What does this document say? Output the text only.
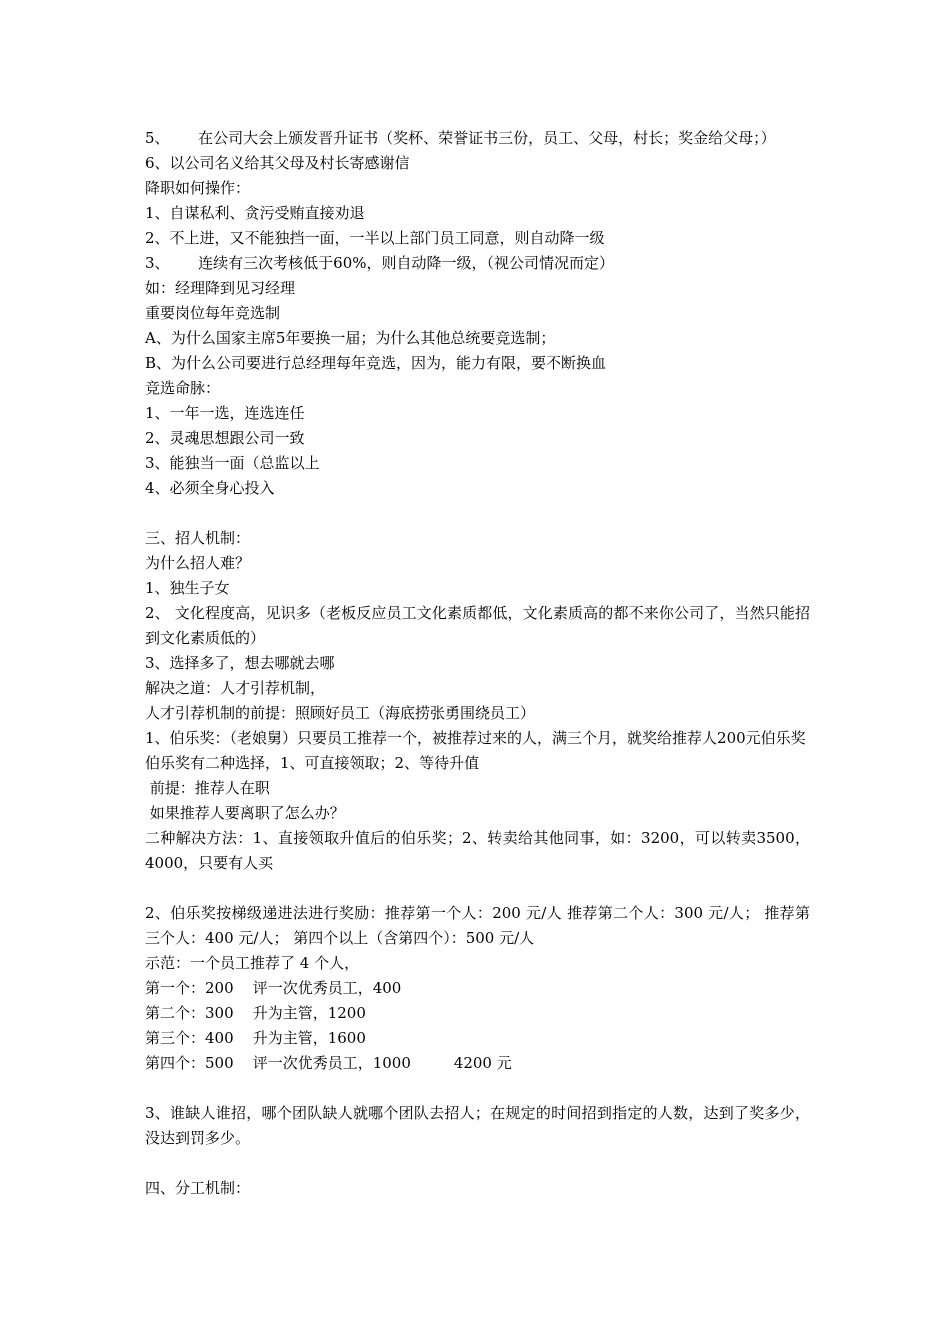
5、      在公司大会上颁发晋升证书（奖杯、荣誉证书三份，员工、父母，村长；奖金给父母；）
6、以公司名义给其父母及村长寄感谢信
降职如何操作：
1、自谋私利、贪污受贿直接劝退
2、不上进，又不能独挡一面，一半以上部门员工同意，则自动降一级
3、      连续有三次考核低于60%，则自动降一级，（视公司情况而定）
如：经理降到见习经理
重要岗位每年竞选制
A、为什么国家主席5年要换一届；为什么其他总统要竞选制；
B、为什么公司要进行总经理每年竞选，因为，能力有限，要不断换血
竞选命脉：
1、一年一选，连选连任
2、灵魂思想跟公司一致
3、能独当一面（总监以上
4、必须全身心投入
三、招人机制：
为什么招人难？
1、独生子女
2、 文化程度高，见识多（老板反应员工文化素质都低，文化素质高的都不来你公司了，当然只能招到文化素质低的）
3、选择多了，想去哪就去哪
解决之道：人才引荐机制，
人才引荐机制的前提：照顾好员工（海底捞张勇围绕员工）
1、伯乐奖：（老娘舅）只要员工推荐一个，被推荐过来的人，满三个月，就奖给推荐人200元伯乐奖
伯乐奖有二种选择，1、可直接领取；2、等待升值
前提：推荐人在职
如果推荐人要离职了怎么办？
二种解决方法：1、直接领取升值后的伯乐奖；2、转卖给其他同事，如：3200，可以转卖3500，4000，只要有人买
2、伯乐奖按梯级递进法进行奖励：推荐第一个人：200 元/人 推荐第二个人：300 元/人； 推荐第三个人：400 元/人； 第四个以上（含第四个）：500 元/人
示范：一个员工推荐了 4 个人，
第一个：200    评一次优秀员工，400
第二个：300    升为主管，1200
第三个：400    升为主管，1600
第四个：500    评一次优秀员工，1000         4200 元
3、谁缺人谁招，哪个团队缺人就哪个团队去招人；在规定的时间招到指定的人数，达到了奖多少，没达到罚多少。
四、分工机制：
